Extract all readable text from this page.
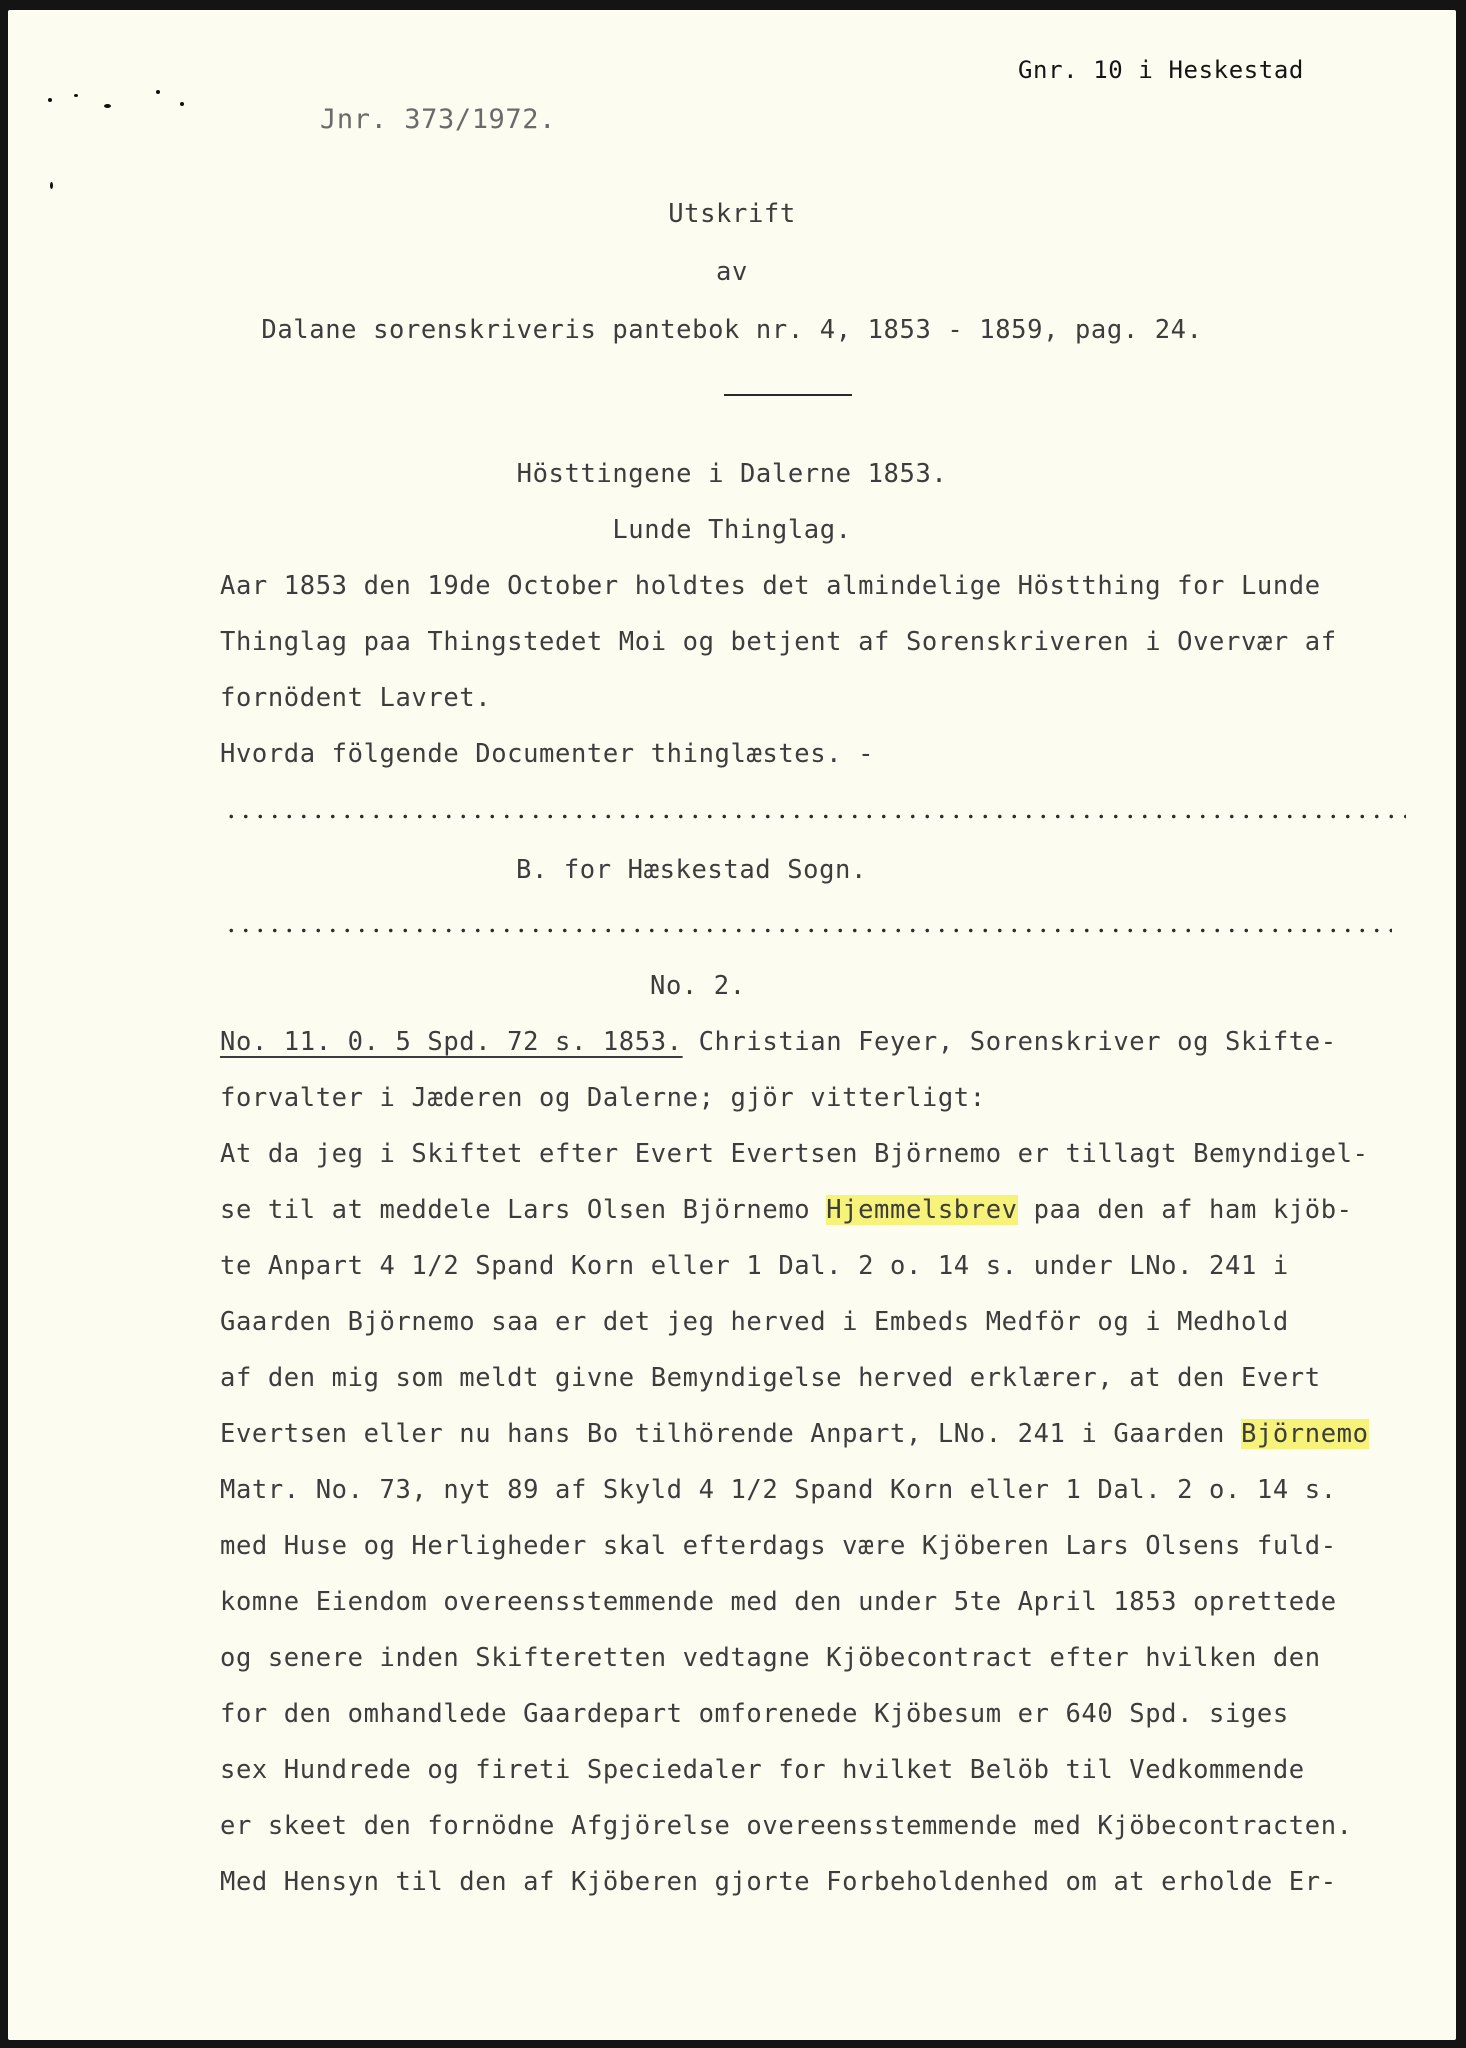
Gnr. 10 i Heskestad
Jnr. 373/1972.
Utskrift
av
Dalane sorenskriveris pantebok nr. 4, 1853 - 1859, pag. 24.
Hösttingene i Dalerne 1853.
Lunde Thinglag.
Aar 1853 den 19de October holdtes det almindelige Höstthing for Lunde
Thinglag paa Thingstedet Moi og betjent af Sorenskriveren i Overvær af
fornödent Lavret.
Hvorda fölgende Documenter thinglæstes. -
B. for Hæskestad Sogn.
No. 2.
No. 11. 0. 5 Spd. 72 s. 1853. Christian Feyer, Sorenskriver og Skifte-
forvalter i Jæderen og Dalerne; gjör vitterligt:
At da jeg i Skiftet efter Evert Evertsen Björnemo er tillagt Bemyndigel-
se til at meddele Lars Olsen Björnemo Hjemmelsbrev paa den af ham kjöb-
te Anpart 4 1/2 Spand Korn eller 1 Dal. 2 o. 14 s. under LNo. 241 i
Gaarden Björnemo saa er det jeg herved i Embeds Medför og i Medhold
af den mig som meldt givne Bemyndigelse herved erklærer, at den Evert
Evertsen eller nu hans Bo tilhörende Anpart, LNo. 241 i Gaarden Björnemo
Matr. No. 73, nyt 89 af Skyld 4 1/2 Spand Korn eller 1 Dal. 2 o. 14 s.
med Huse og Herligheder skal efterdags være Kjöberen Lars Olsens fuld-
komne Eiendom overeensstemmende med den under 5te April 1853 oprettede
og senere inden Skifteretten vedtagne Kjöbecontract efter hvilken den
for den omhandlede Gaardepart omforenede Kjöbesum er 640 Spd. siges
sex Hundrede og fireti Speciedaler for hvilket Belöb til Vedkommende
er skeet den fornödne Afgjörelse overeensstemmende med Kjöbecontracten.
Med Hensyn til den af Kjöberen gjorte Forbeholdenhed om at erholde Er-
